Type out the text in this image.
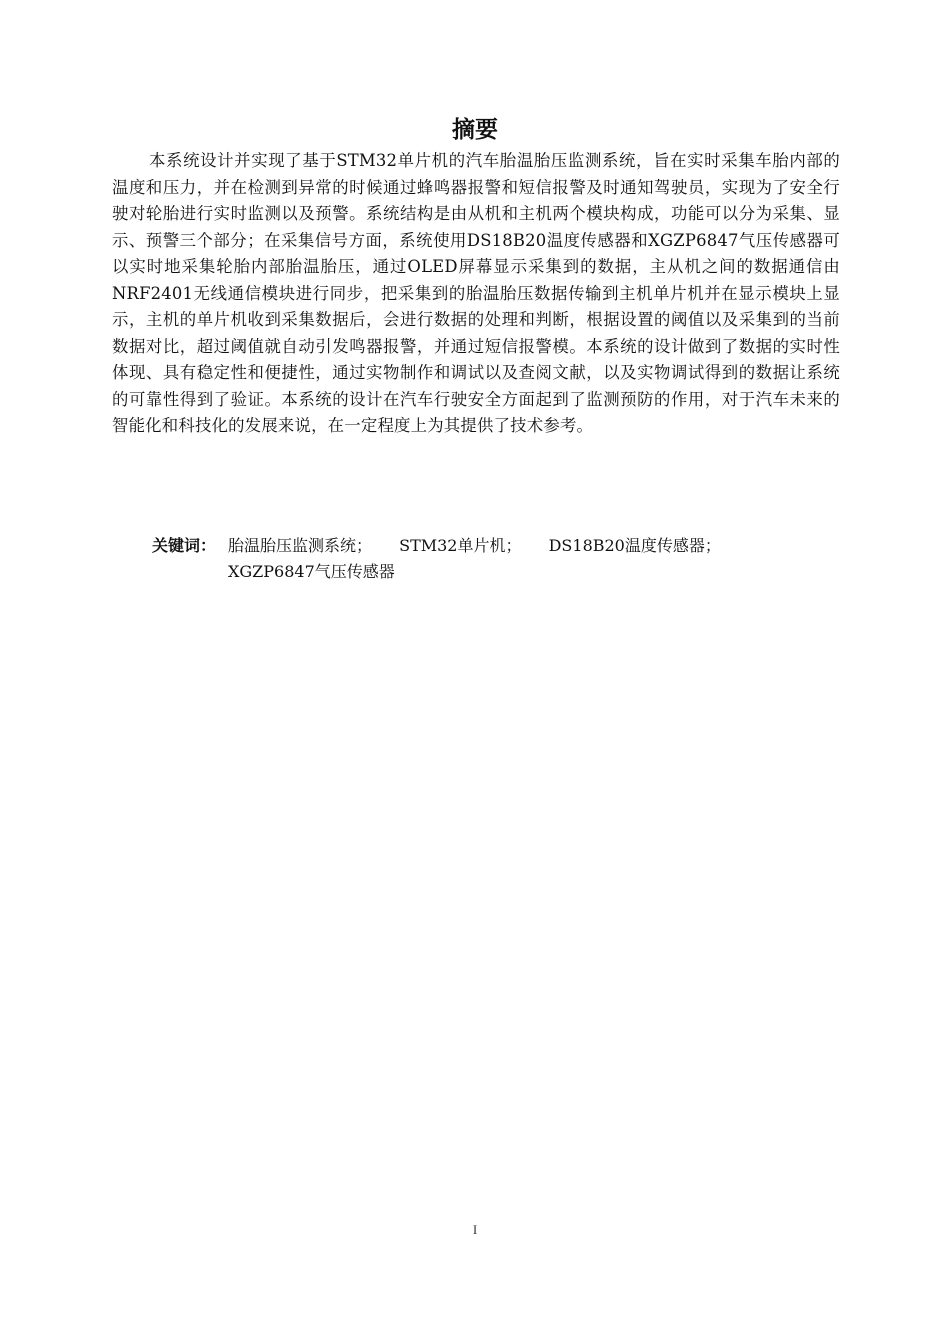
摘要

本系统设计并实现了基于STM32单片机的汽车胎温胎压监测系统，旨在实时采集车胎内部的温度和压力，并在检测到异常的时候通过蜂鸣器报警和短信报警及时通知驾驶员，实现为了安全行驶对轮胎进行实时监测以及预警。系统结构是由从机和主机两个模块构成，功能可以分为采集、显示、预警三个部分；在采集信号方面，系统使用DS18B20温度传感器和XGZP6847气压传感器可以实时地采集轮胎内部胎温胎压，通过OLED屏幕显示采集到的数据，主从机之间的数据通信由NRF2401无线通信模块进行同步，把采集到的胎温胎压数据传输到主机单片机并在显示模块上显示，主机的单片机收到采集数据后，会进行数据的处理和判断，根据设置的阈值以及采集到的当前数据对比，超过阈值就自动引发鸣器报警，并通过短信报警模。本系统的设计做到了数据的实时性体现、具有稳定性和便捷性，通过实物制作和调试以及查阅文献，以及实物调试得到的数据让系统的可靠性得到了验证。本系统的设计在汽车行驶安全方面起到了监测预防的作用，对于汽车未来的智能化和科技化的发展来说，在一定程度上为其提供了技术参考。

关键词： 胎温胎压监测系统； STM32单片机； DS18B20温度传感器；
XGZP6847气压传感器
I
